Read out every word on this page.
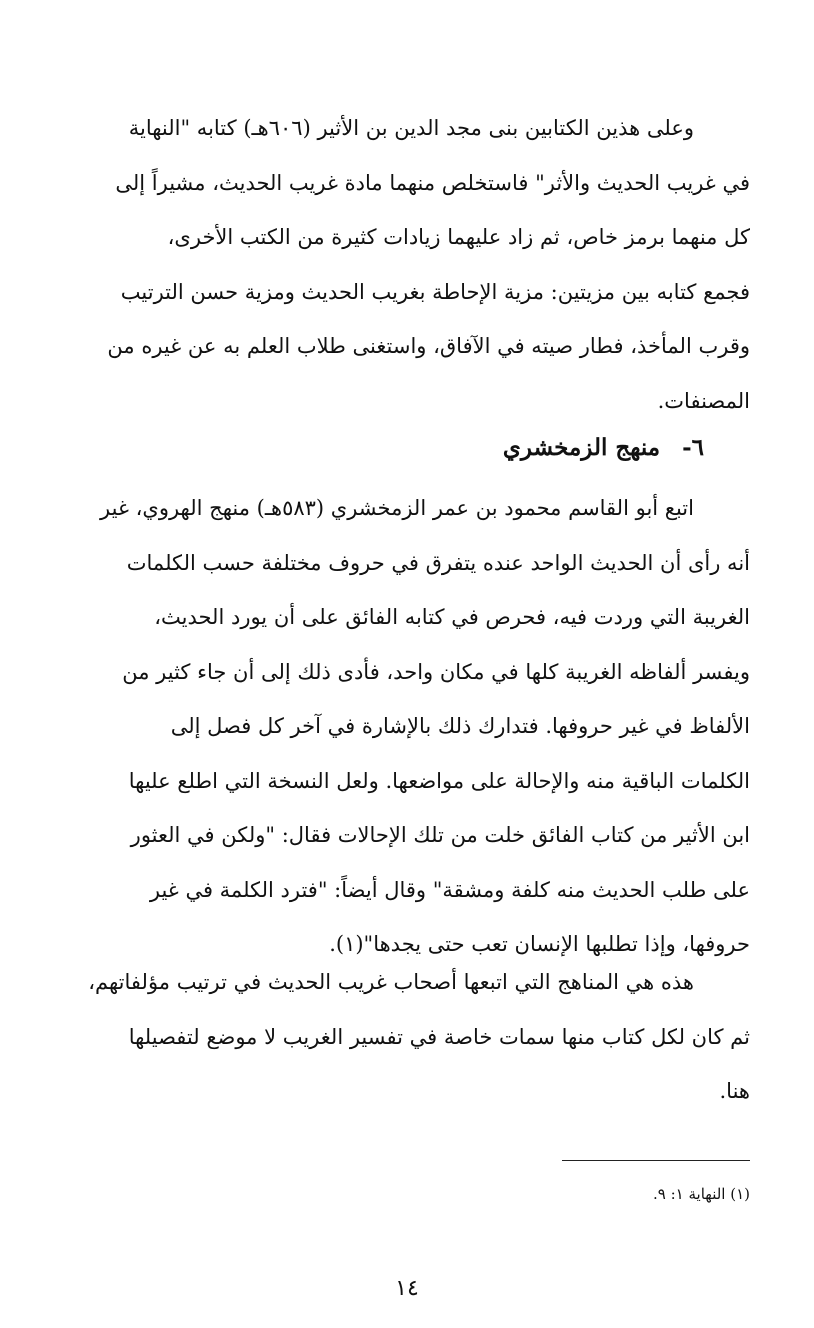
وعلى هذين الكتابين بنى مجد الدين بن الأثير (٦٠٦هـ) كتابه "النهاية
في غريب الحديث والأثر" فاستخلص منهما مادة غريب الحديث، مشيراً إلى
كل منهما برمز خاص، ثم زاد عليهما زيادات كثيرة من الكتب الأخرى،
فجمع كتابه بين مزيتين: مزية الإحاطة بغريب الحديث ومزية حسن الترتيب
وقرب المأخذ، فطار صيته في الآفاق، واستغنى طلاب العلم به عن غيره من
المصنفات.
٦-منهج الزمخشري
اتبع أبو القاسم محمود بن عمر الزمخشري (٥٨٣هـ) منهج الهروي، غير
أنه رأى أن الحديث الواحد عنده يتفرق في حروف مختلفة حسب الكلمات
الغريبة التي وردت فيه، فحرص في كتابه الفائق على أن يورد الحديث،
ويفسر ألفاظه الغريبة كلها في مكان واحد، فأدى ذلك إلى أن جاء كثير من
الألفاظ في غير حروفها. فتدارك ذلك بالإشارة في آخر كل فصل إلى
الكلمات الباقية منه والإحالة على مواضعها. ولعل النسخة التي اطلع عليها
ابن الأثير من كتاب الفائق خلت من تلك الإحالات فقال: "ولكن في العثور
على طلب الحديث منه كلفة ومشقة" وقال أيضاً: "فترد الكلمة في غير
حروفها، وإذا تطلبها الإنسان تعب حتى يجدها"(١).
هذه هي المناهج التي اتبعها أصحاب غريب الحديث في ترتيب مؤلفاتهم،
ثم كان لكل كتاب منها سمات خاصة في تفسير الغريب لا موضع لتفصيلها
هنا.
(١) النهاية ١: ٩.
١٤
